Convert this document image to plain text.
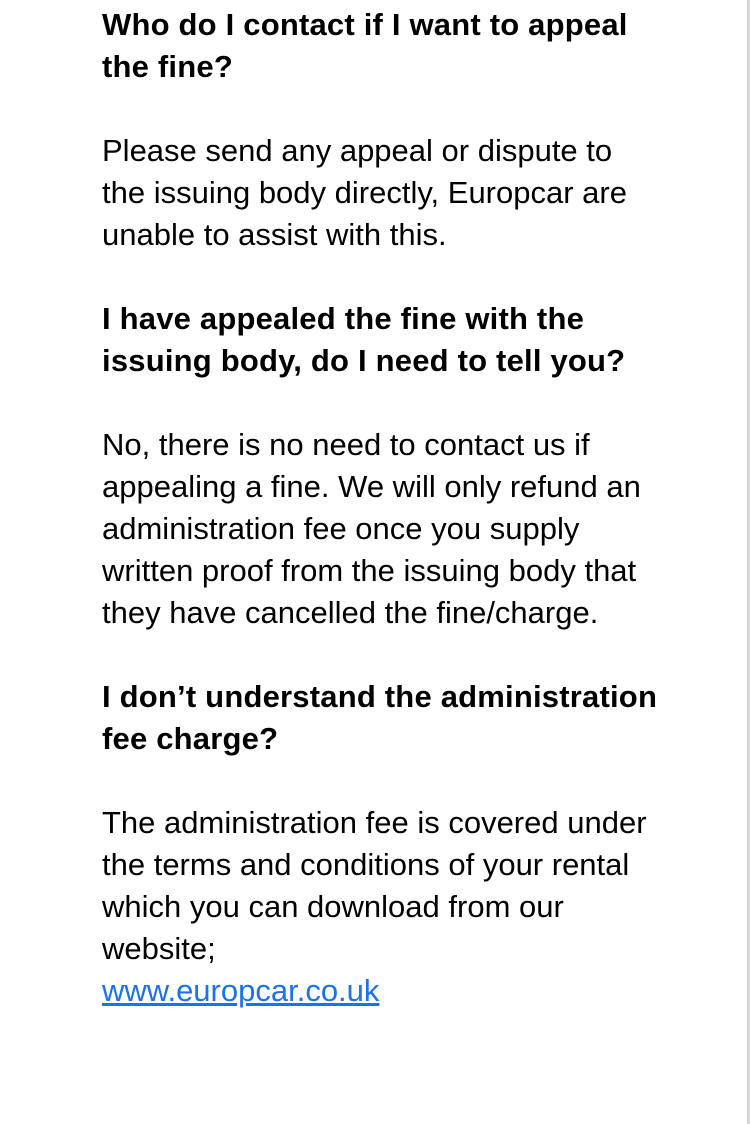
Who do I contact if I want to appeal the fine?

Please send any appeal or dispute to the issuing body directly, Europcar are unable to assist with this.

I have appealed the fine with the issuing body, do I need to tell you?

No, there is no need to contact us if appealing a fine. We will only refund an administration fee once you supply written proof from the issuing body that they have cancelled the fine/charge.

I don’t understand the administration fee charge?

The administration fee is covered under the terms and conditions of your rental which you can download from our website;
www.europcar.co.uk
